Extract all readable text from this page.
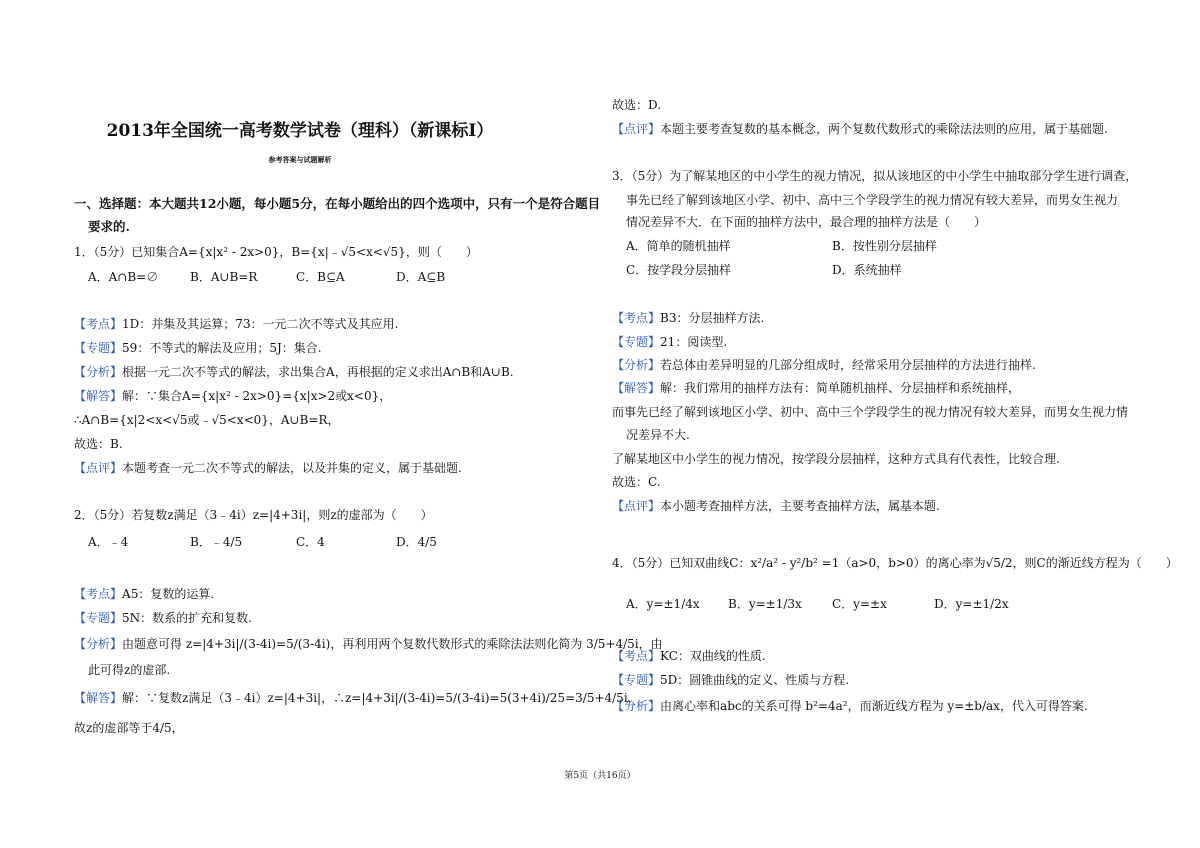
2013年全国统一高考数学试卷（理科）（新课标Ⅰ）
参考答案与试题解析
一、选择题：本大题共12小题，每小题5分，在每小题给出的四个选项中，只有一个是符合题目
要求的.
1．（5分）已知集合A={x|x² - 2x>0}，B={x|﹣√5<x<√5}，则（　　）
A．A∩B=∅	B．A∪B=R	C．B⊆A	D．A⊆B
【 考点 】 1D：并集及其运算；73：一元二次不等式及其应用.
【 专题 】 59：不等式的解法及应用；5J：集合.
【 分析 】 根据一元二次不等式的解法，求出集合A，再根据的定义求出A∩B和A∪B.
【 解答 】 解：∵集合A={x|x² - 2x>0}={x|x>2或x<0}，
∴A∩B={x|2<x<√5或﹣√5<x<0}，A∪B=R，
故选：B.
【 点评 】 本题考查一元二次不等式的解法，以及并集的定义，属于基础题.
2．（5分）若复数z满足（3﹣4i）z=|4+3i|，则z的虚部为（　　）
A．﹣4	B．﹣4/5	C．4	D．4/5
【 考点 】 A5：复数的运算.
【 专题 】 5N：数系的扩充和复数.
【 分析 】 由题意可得 z=|4+3i|/(3-4i)=5/(3-4i)，再利用两个复数代数形式的乘除法法则化简为 3/5+4/5i，由
此可得z的虚部.
【 解答 】 解：∵复数z满足（3﹣4i）z=|4+3i|，∴z=|4+3i|/(3-4i)=5/(3-4i)=5(3+4i)/25=3/5+4/5i，
故z的虚部等于4/5，
故选：D.
【 点评 】 本题主要考查复数的基本概念，两个复数代数形式的乘除法法则的应用，属于基础题.
3．（5分）为了解某地区的中小学生的视力情况，拟从该地区的中小学生中抽取部分学生进行调查，
事先已经了解到该地区小学、初中、高中三个学段学生的视力情况有较大差异，而男女生视力
情况差异不大．在下面的抽样方法中，最合理的抽样方法是（　　）
A．简单的随机抽样	B．按性别分层抽样
C．按学段分层抽样	D．系统抽样
【 考点 】 B3：分层抽样方法.
【 专题 】 21：阅读型.
【 分析 】 若总体由差异明显的几部分组成时，经常采用分层抽样的方法进行抽样.
【 解答 】 解：我们常用的抽样方法有：简单随机抽样、分层抽样和系统抽样，
而事先已经了解到该地区小学、初中、高中三个学段学生的视力情况有较大差异，而男女生视力情
况差异不大.
了解某地区中小学生的视力情况，按学段分层抽样，这种方式具有代表性，比较合理.
故选：C.
【 点评 】 本小题考查抽样方法，主要考查抽样方法，属基本题.
4．（5分）已知双曲线C：x²/a² - y²/b² =1（a>0，b>0）的离心率为√5/2，则C的渐近线方程为（　　）
A．y=±1/4x B．y=±1/3x	C．y=±x	D．y=±1/2x
【 考点 】 KC：双曲线的性质.
【 专题 】 5D：圆锥曲线的定义、性质与方程.
【 分析 】 由离心率和abc的关系可得 b²=4a²，而渐近线方程为 y=±b/ax，代入可得答案.
第5页（共16页）
